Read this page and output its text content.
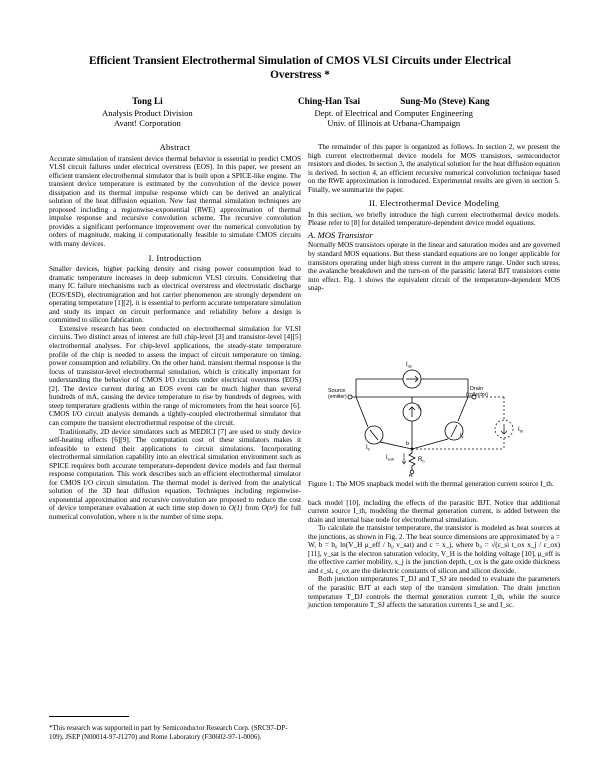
Efficient Transient Electrothermal Simulation of CMOS VLSI Circuits under Electrical
Overstress *
Tong Li
Analysis Product Division
Avant! Corporation
Ching-Han Tsai	Sung-Mo (Steve) Kang
Dept. of Electrical and Computer Engineering
Univ. of Illinois at Urbana-Champaign
Abstract

Accurate simulation of transient device thermal behavior is essential to predict CMOS VLSI circuit failures under electrical overstress (EOS). In this paper, we present an efficient transient electrothermal simulator that is built upon a SPICE-like engine. The transient device temperature is estimated by the convolution of the device power dissipation and its thermal impulse response which can be derived an analytical solution of the heat diffusion equation. New fast thermal simulation techniques are proposed including a regionwise-exponential (RWE) approximation of thermal impulse response and recursive convolution scheme. The recursive convolution provides a significant performance improvement over the numerical convolution by orders of magnitude, making it computationally feasible to simulate CMOS circuits with many devices.

I. Introduction

Smaller devices, higher packing density and rising power consumption lead to dramatic temperature increases in deep submicron VLSI circuits. Considering that many IC failure mechanisms such as electrical overstress and electrostatic discharge (EOS/ESD), electromigration and hot carrier phenomenon are strongly dependent on operating temperature [1][2], it is essential to perform accurate temperature simulation and study its impact on circuit performance and reliability before a design is committed to silicon fabrication.

Extensive research has been conducted on electrothermal simulation for VLSI circuits. Two distinct areas of interest are full chip-level [3] and transistor-level [4][5] electrothermal analyses. For chip-level applications, the steady-state temperature profile of the chip is needed to assess the impact of circuit temperature on timing, power consumption and reliability. On the other hand, transient thermal response is the focus of transistor-level electrothermal simulation, which is critically important for understanding the behavior of CMOS I/O circuits under electrical overstress (EOS) [2]. The device current during an EOS event can be much higher than several hundreds of mA, causing the device temperature to rise by hundreds of degrees, with steep temperature gradients within the range of micrometers from the heat source [6]. CMOS I/O circuit analysis demands a tightly-coupled electrothermal simulator that can compute the transient electrothermal response of the circuit.

Traditionally, 2D device simulators such as MEDICI [7] are used to study device self-heating effects [6][9]. The computation cost of these simulators makes it infeasible to extend their applications to circuit simulations. Incorporating electrothermal simulation capability into an electrical simulation environment such as SPICE requires both accurate temperature-dependent device models and fast thermal response computation. This work describes such an efficient electrothermal simulator for CMOS I/O circuit simulation. The thermal model is derived from the analytical solution of the 3D heat diffusion equation. Techniques including regionwise-exponential approximation and recursive convolution are proposed to reduce the cost of device temperature evaluation at each time step down to O(1) from O(n²) for full numerical convolution, where n is the number of time steps.

*This research was supported in part by Semiconductor Research Corp. (SRC97-DP-109), JSEP (N00014-97-J1270) and Rome Laboratory (F30602-97-1-0006).

The remainder of this paper is organized as follows. In section 2, we present the high current electrothermal device models for MOS transistors, semiconductor resistors and diodes. In section 3, the analytical solution for the heat diffusion equation is derived. In section 4, an efficient recursive numerical convolution technique based on the RWE approximation is introduced. Experimental results are given in section 5. Finally, we summarize the paper.

II. Electrothermal Device Modeling

In this section, we briefly introduce the high current electrothermal device models. Please refer to [8] for detailed temperature-dependent device model equations.

A. MOS Transistor

Normally MOS transistors operate in the linear and saturation modes and are governed by standard MOS equations. But these standard equations are no longer applicable for transistors operating under high stress current in the ampere range. Under such stress, the avalanche breakdown and the turn-on of the parasitic lateral BJT transistors come into effect. Fig. 1 shows the equivalent circuit of the temperature-dependent MOS snap-

$I_{ds}$
Source
(emitter)
Drain
(collector)
$I_c$
$I_b$
b
$I_{ii}$
$I_{th}$
$R_b$
$I_{sub}$
B

Figure 1: The MOS snapback model with the thermal generation current source I_th.

back model [10], including the effects of the parasitic BJT. Notice that additional current source I_th, modeling the thermal generation current, is added between the drain and internal base node for electrothermal simulation.

To calculate the transistor temperature, the transistor is modeled as heat sources at the junctions, as shown in Fig. 2. The heat source dimensions are approximated by a = W, b = b₀ ln(V_H μ_eff / b₀ v_sat) and c = x_j, where b₀ = √(ε_si t_ox x_j / ε_ox) [11], v_sat is the electron saturation velocity, V_H is the holding voltage [10], μ_eff is the effective carrier mobility, x_j is the junction depth, t_ox is the gate oxide thickness and ε_si, ε_ox are the dielectric constants of silicon and silicon dioxide.

Both junction temperatures T_DJ and T_SJ are needed to evaluate the parameters of the parasitic BJT at each step of the transient simulation. The drain junction temperature T_DJ controls the thermal generation current I_th, while the source junction temperature T_SJ affects the saturation currents I_se and I_sc.
